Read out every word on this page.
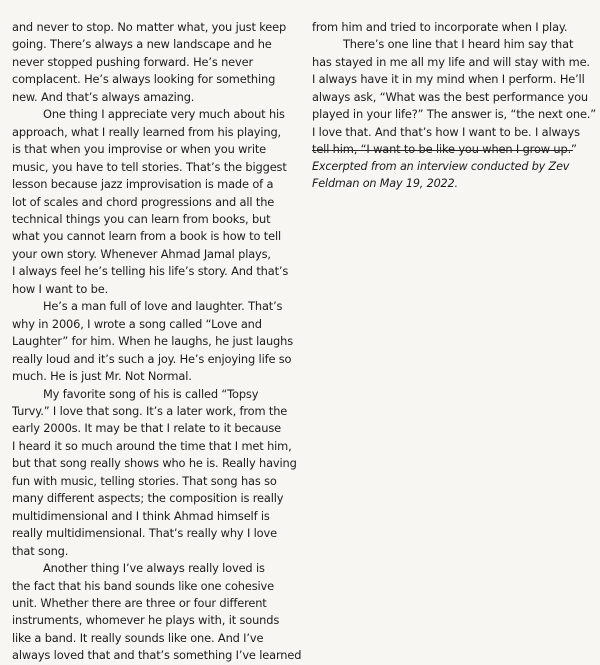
and never to stop. No matter what, you just keep
going. There’s always a new landscape and he
never stopped pushing forward. He’s never
complacent. He’s always looking for something
new. And that’s always amazing.
One thing I appreciate very much about his
approach, what I really learned from his playing,
is that when you improvise or when you write
music, you have to tell stories. That’s the biggest
lesson because jazz improvisation is made of a
lot of scales and chord progressions and all the
technical things you can learn from books, but
what you cannot learn from a book is how to tell
your own story. Whenever Ahmad Jamal plays,
I always feel he’s telling his life’s story. And that’s
how I want to be.
He’s a man full of love and laughter. That’s
why in 2006, I wrote a song called “Love and
Laughter” for him. When he laughs, he just laughs
really loud and it’s such a joy. He’s enjoying life so
much. He is just Mr. Not Normal.
My favorite song of his is called “Topsy
Turvy.” I love that song. It’s a later work, from the
early 2000s. It may be that I relate to it because
I heard it so much around the time that I met him,
but that song really shows who he is. Really having
fun with music, telling stories. That song has so
many different aspects; the composition is really
multidimensional and I think Ahmad himself is
really multidimensional. That’s really why I love
that song.
Another thing I’ve always really loved is
the fact that his band sounds like one cohesive
unit. Whether there are three or four different
instruments, whomever he plays with, it sounds
like a band. It really sounds like one. And I’ve
always loved that and that’s something I’ve learned
from him and tried to incorporate when I play.
There’s one line that I heard him say that
has stayed in me all my life and will stay with me.
I always have it in my mind when I perform. He’ll
always ask, “What was the best performance you
played in your life?” The answer is, “the next one.”
I love that. And that’s how I want to be. I always
tell him, “I want to be like you when I grow up.”
Excerpted from an interview conducted by Zev
Feldman on May 19, 2022.
